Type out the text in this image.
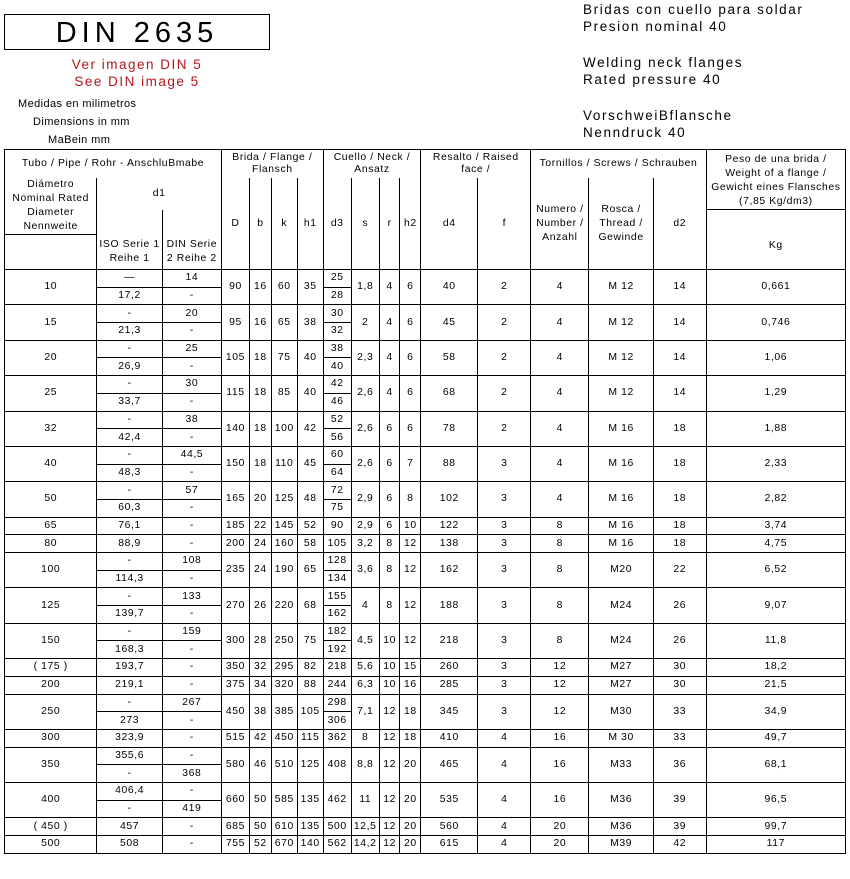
DIN 2635
Ver imagen DIN 5
See DIN image 5
Medidas en milimetros
Dimensions in mm
MaBein mm
Bridas con cuello para soldar
Presion nominal 40
Welding neck flanges
Rated pressure 40
VorschweiBflansche
Nenndruck 40
Tubo / Pipe / Rohr - AnschluBmabe			Brida / Flange / Flansch				Cuello / Neck / Ansatz				Resalto / Raised face /		Tornillos / Screws / Schrauben			Peso de una brida / Weight of a flange / Gewicht eines Flansches (7,85 Kg/dm3)
Diámetro Nominal Rated Diameter Nennweite	d1		D	b	k	h1	d3	s	r	h2	d4	f	Numero / Number / Anzahl	Rosca / Thread / Gewinde	d2	
	ISO Serie 1 Reihe 1	DIN Serie 2 Reihe 2														Kg

10	—	14	90	16	60	35	25	1,8	4	6	40	2	4	M 12	14	0,661
	17,2	-					28									
15	-	20	95	16	65	38	30	2	4	6	45	2	4	M 12	14	0,746
	21,3	-					32									
20	-	25	105	18	75	40	38	2,3	4	6	58	2	4	M 12	14	1,06
	26,9	-					40									
25	-	30	115	18	85	40	42	2,6	4	6	68	2	4	M 12	14	1,29
	33,7	-					46									
32	-	38	140	18	100	42	52	2,6	6	6	78	2	4	M 16	18	1,88
	42,4	-					56									
40	-	44,5	150	18	110	45	60	2,6	6	7	88	3	4	M 16	18	2,33
	48,3	-					64									
50	-	57	165	20	125	48	72	2,9	6	8	102	3	4	M 16	18	2,82
	60,3	-					75									
65	76,1	-	185	22	145	52	90	2,9	6	10	122	3	8	M 16	18	3,74
80	88,9	-	200	24	160	58	105	3,2	8	12	138	3	8	M 16	18	4,75
100	-	108	235	24	190	65	128	3,6	8	12	162	3	8	M20	22	6,52
	114,3	-					134									
125	-	133	270	26	220	68	155	4	8	12	188	3	8	M24	26	9,07
	139,7	-					162									
150	-	159	300	28	250	75	182	4,5	10	12	218	3	8	M24	26	11,8
	168,3	-					192									
( 175 )	193,7	-	350	32	295	82	218	5,6	10	15	260	3	12	M27	30	18,2
200	219,1	-	375	34	320	88	244	6,3	10	16	285	3	12	M27	30	21,5
250	-	267	450	38	385	105	298	7,1	12	18	345	3	12	M30	33	34,9
	273	-					306									
300	323,9	-	515	42	450	115	362	8	12	18	410	4	16	M 30	33	49,7
350	355,6	-	580	46	510	125	408	8,8	12	20	465	4	16	M33	36	68,1
	-	368														
400	406,4	-	660	50	585	135	462	11	12	20	535	4	16	M36	39	96,5
	-	419														
( 450 )	457	-	685	50	610	135	500	12,5	12	20	560	4	20	M36	39	99,7
500	508	-	755	52	670	140	562	14,2	12	20	615	4	20	M39	42	117
